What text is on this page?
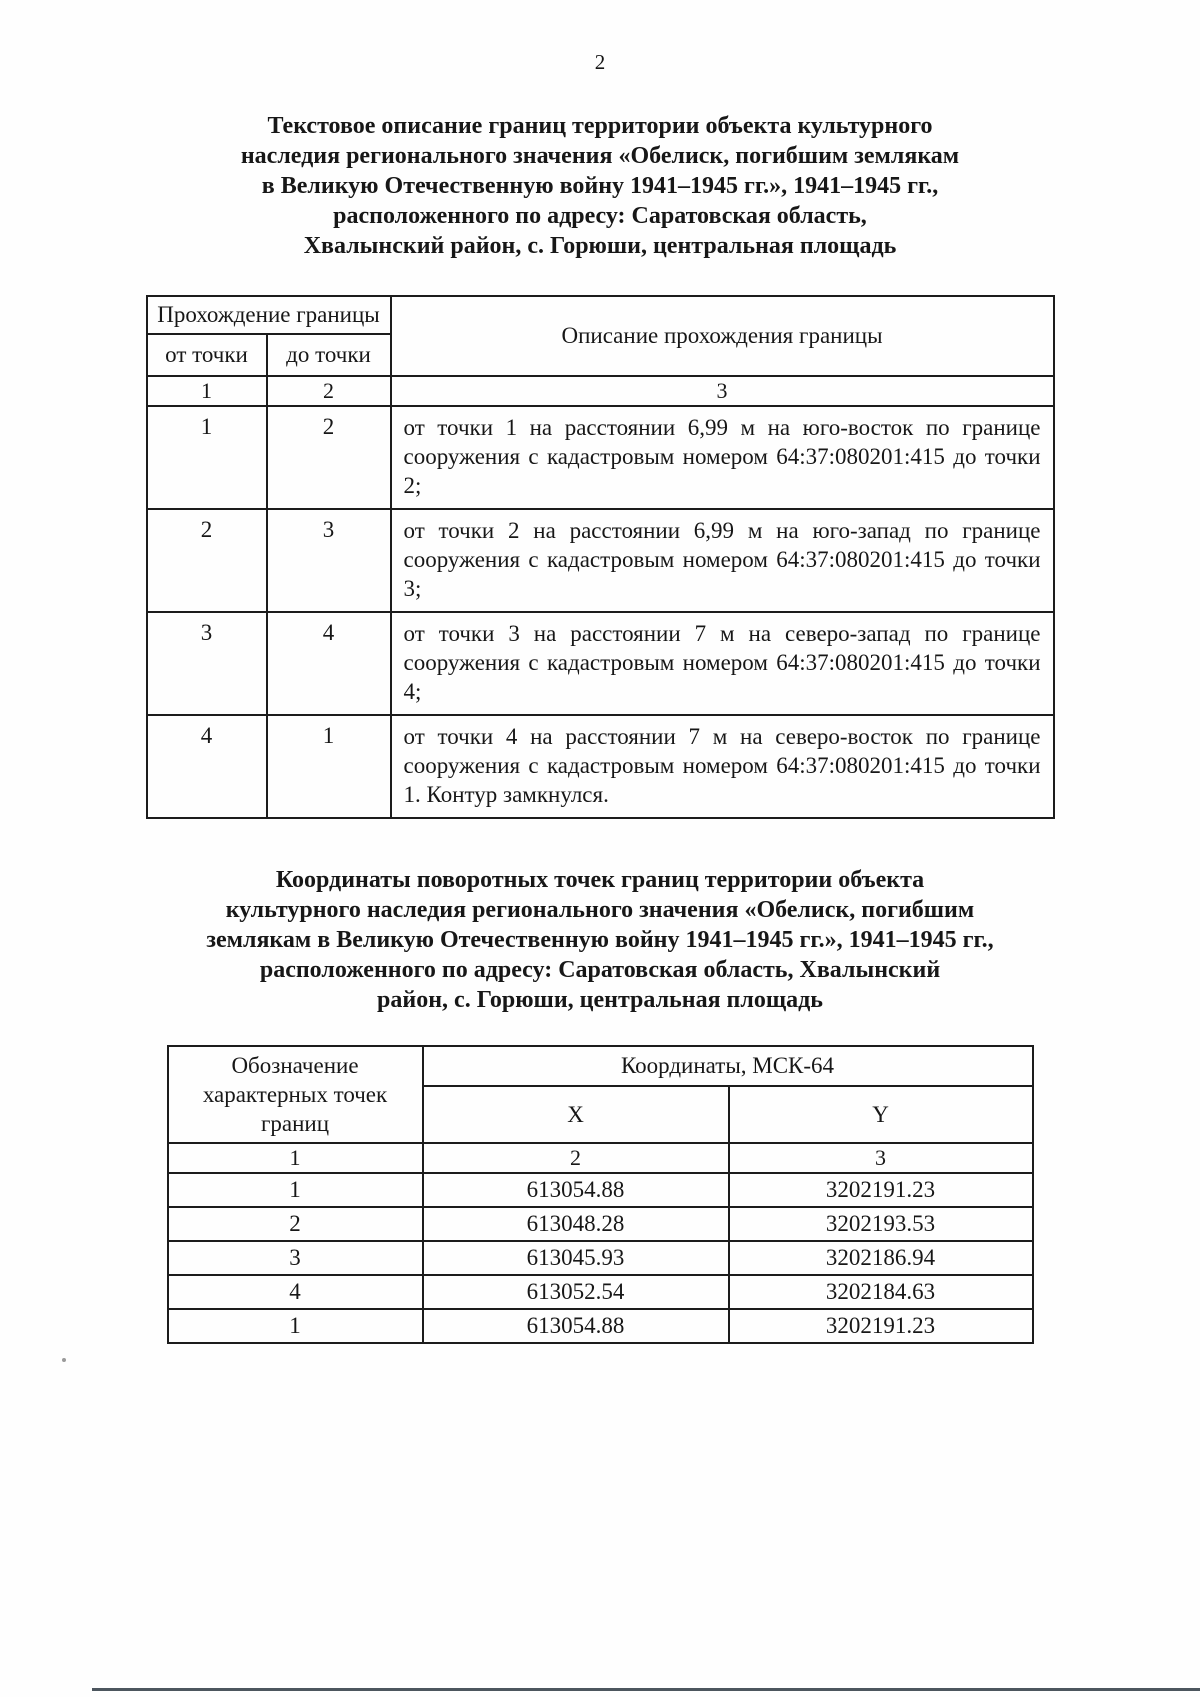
2
Текстовое описание границ территории объекта культурного
наследия регионального значения «Обелиск, погибшим землякам
в Великую Отечественную войну 1941–1945 гг.», 1941–1945 гг.,
расположенного по адресу: Саратовская область,
Хвалынский район, с. Горюши, центральная площадь
Прохождение границы		Описание прохождения границы
от точки	до точки	
1	2	3
1	2	от точки 1 на расстоянии 6,99 м на юго-восток по границе сооружения с кадастровым номером 64:37:080201:415 до точки 2;
2	3	от точки 2 на расстоянии 6,99 м на юго-запад по границе сооружения с кадастровым номером 64:37:080201:415 до точки 3;
3	4	от точки 3 на расстоянии 7 м на северо-запад по границе сооружения с кадастровым номером 64:37:080201:415 до точки 4;
4	1	от точки 4 на расстоянии 7 м на северо-восток по границе сооружения с кадастровым номером 64:37:080201:415 до точки 1. Контур замкнулся.
Координаты поворотных точек границ территории объекта
культурного наследия регионального значения «Обелиск, погибшим
землякам в Великую Отечественную войну 1941–1945 гг.», 1941–1945 гг.,
расположенного по адресу: Саратовская область, Хвалынский
район, с. Горюши, центральная площадь
Обозначение характерных точек границ	Координаты, МСК-64	
	X	Y
1	2	3
1	613054.88	3202191.23
2	613048.28	3202193.53
3	613045.93	3202186.94
4	613052.54	3202184.63
1	613054.88	3202191.23
